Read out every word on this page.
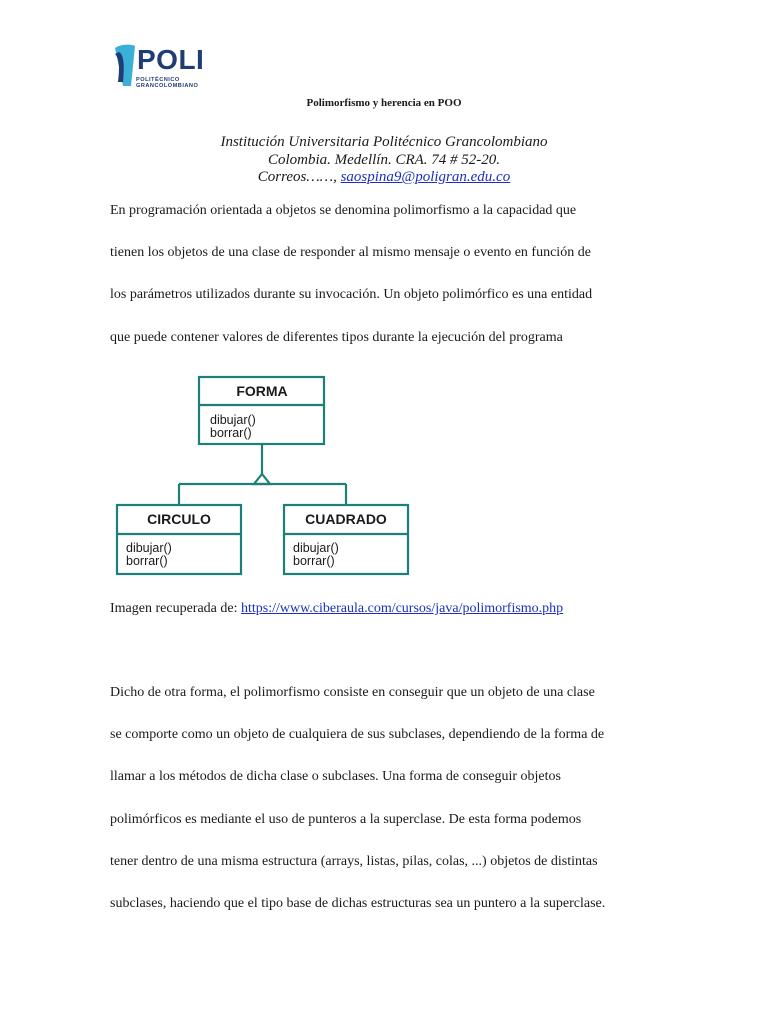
POLI
POLITÉCNICO
GRANCOLOMBIANO
Polimorfismo y herencia en POO
Institución Universitaria Politécnico Grancolombiano
Colombia. Medellín. CRA. 74 # 52-20.
Correos……, saospina9@poligran.edu.co
En programación orientada a objetos se denomina polimorfismo a la capacidad que
tienen los objetos de una clase de responder al mismo mensaje o evento en función de
los parámetros utilizados durante su invocación. Un objeto polimórfico es una entidad
que puede contener valores de diferentes tipos durante la ejecución del programa
FORMA
dibujar()
borrar()
CIRCULO
dibujar()
borrar()
CUADRADO
dibujar()
borrar()
Imagen recuperada de: https://www.ciberaula.com/cursos/java/polimorfismo.php
Dicho de otra forma, el polimorfismo consiste en conseguir que un objeto de una clase
se comporte como un objeto de cualquiera de sus subclases, dependiendo de la forma de
llamar a los métodos de dicha clase o subclases. Una forma de conseguir objetos
polimórficos es mediante el uso de punteros a la superclase. De esta forma podemos
tener dentro de una misma estructura (arrays, listas, pilas, colas, ...) objetos de distintas
subclases, haciendo que el tipo base de dichas estructuras sea un puntero a la superclase.
